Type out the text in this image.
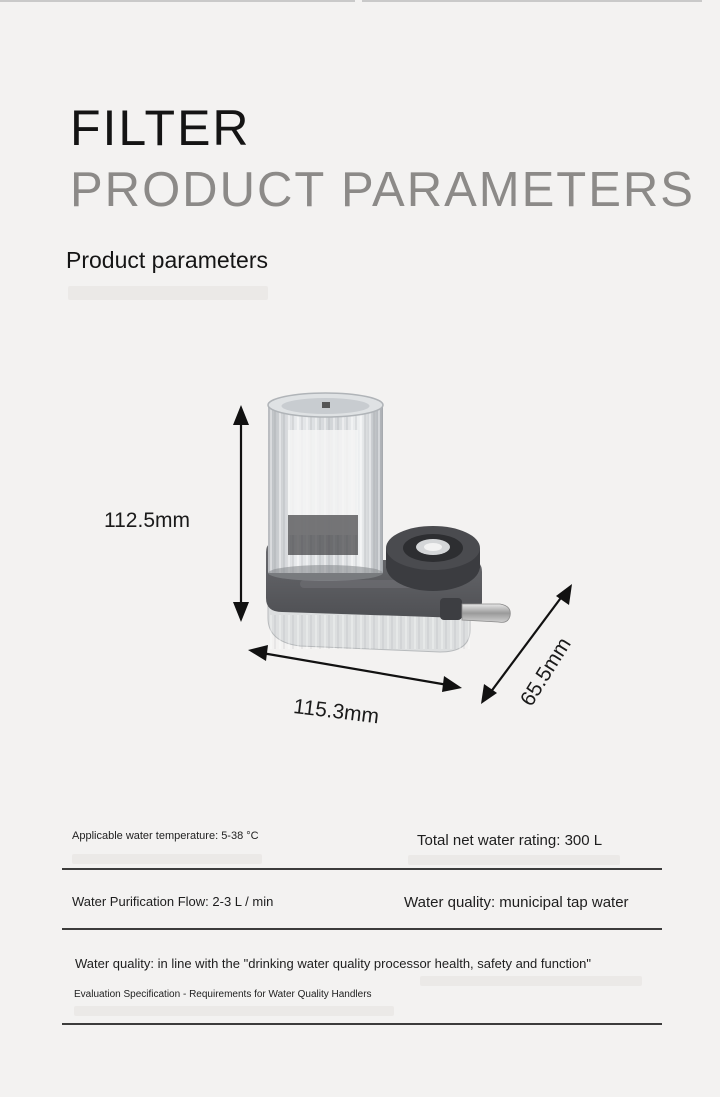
FILTER
PRODUCT PARAMETERS
Product parameters
112.5mm
115.3mm
65.5mm
Applicable water temperature: 5-38 °C	Total net water rating: 300 L
Water Purification Flow: 2-3 L / min	Water quality: municipal tap water
Water quality: in line with the "drinking water quality processor health, safety and function"
Evaluation Specification - Requirements for Water Quality Handlers
